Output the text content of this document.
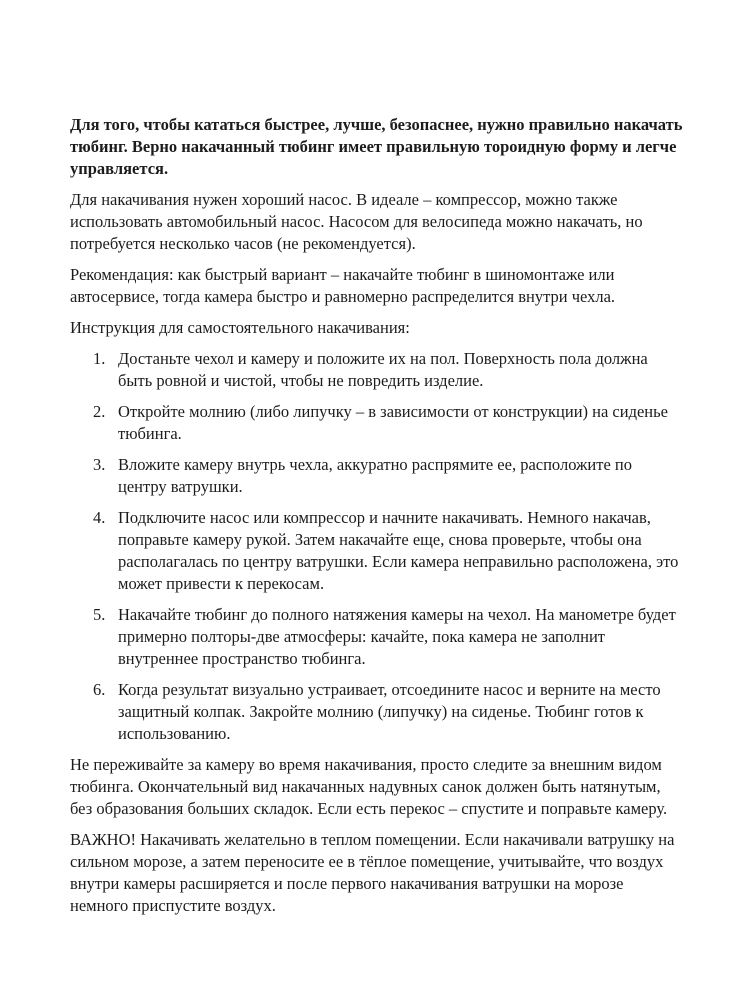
Для того, чтобы кататься быстрее, лучше, безопаснее, нужно правильно накачать тюбинг. Верно накачанный тюбинг имеет правильную тороидную форму и легче управляется.

Для накачивания нужен хороший насос. В идеале – компрессор, можно также использовать автомобильный насос. Насосом для велосипеда можно накачать, но потребуется несколько часов (не рекомендуется).

Рекомендация: как быстрый вариант – накачайте тюбинг в шиномонтаже или автосервисе, тогда камера быстро и равномерно распределится внутри чехла.

Инструкция для самостоятельного накачивания:

Достаньте чехол и камеру и положите их на пол. Поверхность пола должна быть ровной и чистой, чтобы не повредить изделие.
Откройте молнию (либо липучку – в зависимости от конструкции) на сиденье тюбинга.
Вложите камеру внутрь чехла, аккуратно распрямите ее, расположите по центру ватрушки.
Подключите насос или компрессор и начните накачивать. Немного накачав, поправьте камеру рукой. Затем накачайте еще, снова проверьте, чтобы она располагалась по центру ватрушки. Если камера неправильно расположена, это может привести к перекосам.
Накачайте тюбинг до полного натяжения камеры на чехол. На манометре будет примерно полторы-две атмосферы: качайте, пока камера не заполнит внутреннее пространство тюбинга.
Когда результат визуально устраивает, отсоедините насос и верните на место защитный колпак. Закройте молнию (липучку) на сиденье. Тюбинг готов к использованию.

Не переживайте за камеру во время накачивания, просто следите за внешним видом тюбинга. Окончательный вид накачанных надувных санок должен быть натянутым, без образования больших складок. Если есть перекос – спустите и поправьте камеру.

ВАЖНО! Накачивать желательно в теплом помещении. Если накачивали ватрушку на сильном морозе, а затем переносите ее в тёплое помещение, учитывайте, что воздух внутри камеры расширяется и после первого накачивания ватрушки на морозе немного приспустите воздух.
